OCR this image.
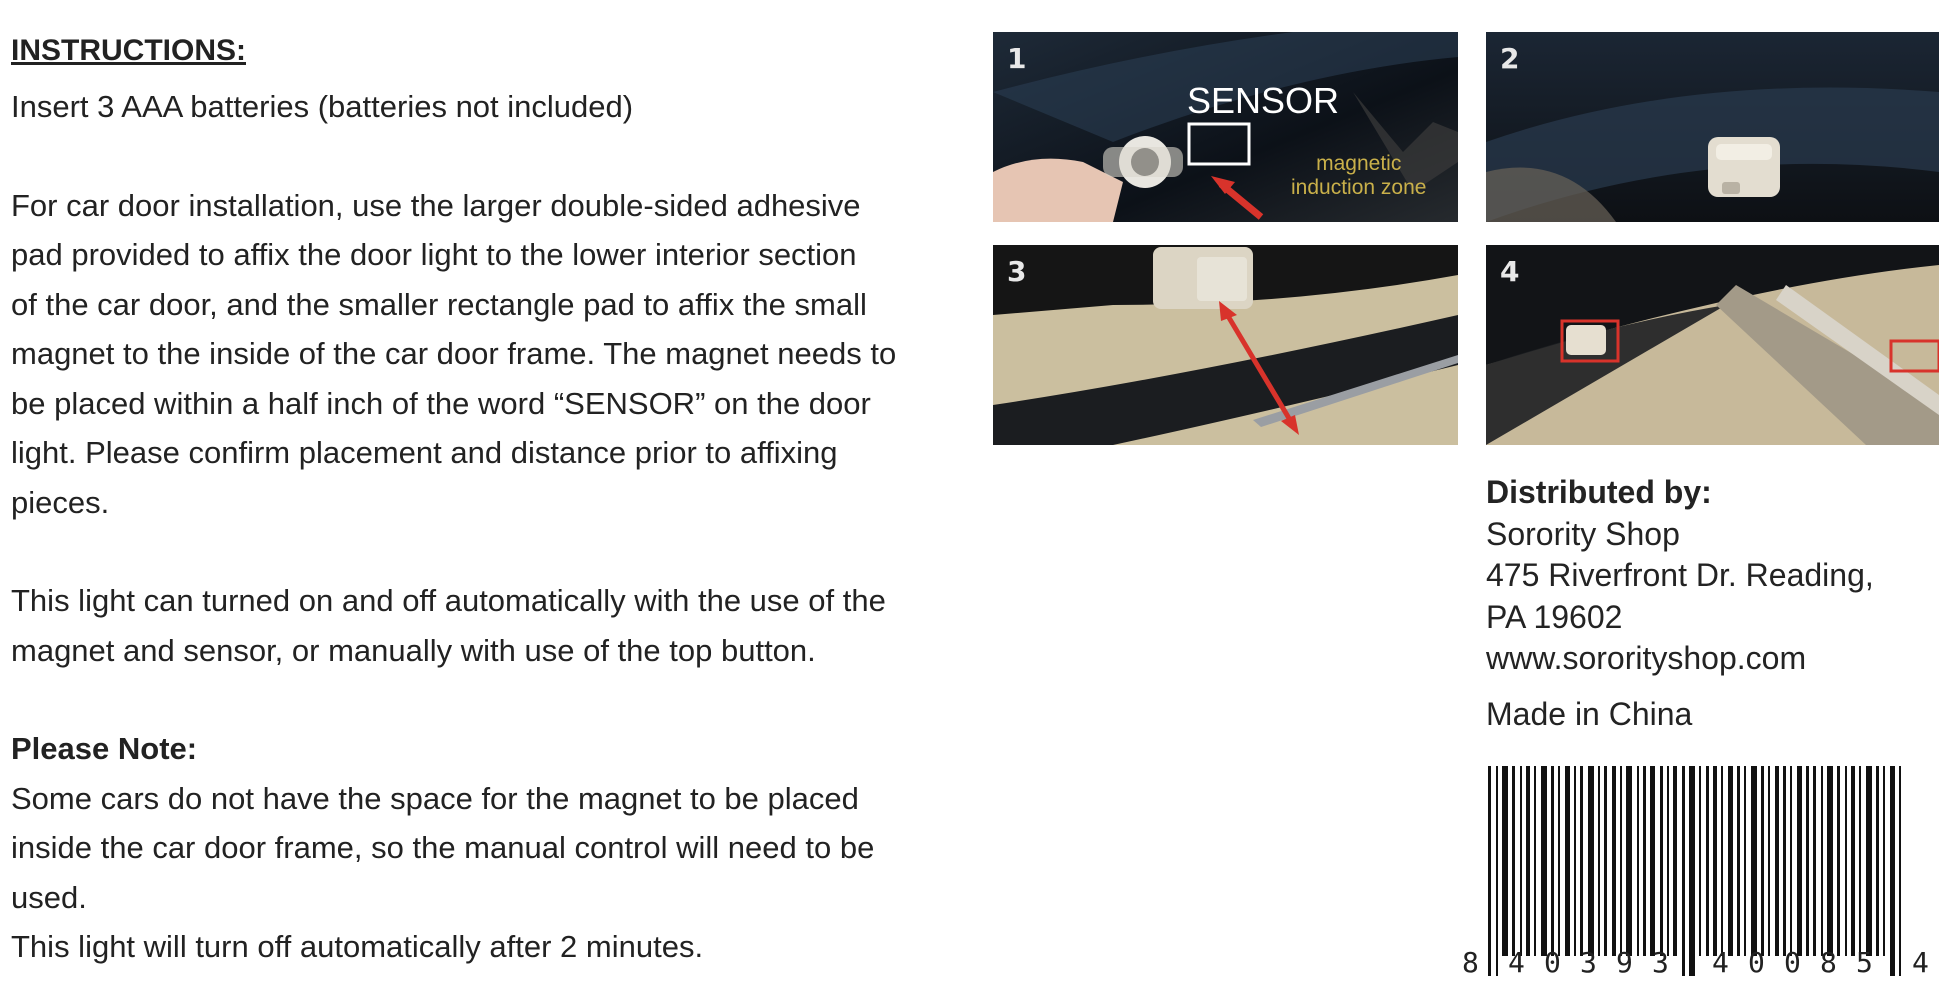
INSTRUCTIONS:

Insert 3 AAA batteries (batteries not included)

For car door installation, use the larger double-sided adhesive
pad provided to affix the door light to the lower interior section
of the car door, and the smaller rectangle pad to affix the small
magnet to the inside of the car door frame. The magnet needs to
be placed within a half inch of the word “SENSOR” on the door
light. Please confirm placement and distance prior to affixing
pieces.
This light can turned on and off automatically with the use of the
magnet and sensor, or manually with use of the top button.
Please Note:
Some cars do not have the space for the magnet to be placed
inside the car door frame, so the manual control will need to be
used.
This light will turn off automatically after 2 minutes.
1
SENSOR
magnetic
induction zone
2
3	4
Distributed by:
Sorority Shop
475 Riverfront Dr. Reading,
PA 19602
www.sororityshop.com
Made in China
8 4 0 3 9 3 4 0 0 8 5 4
